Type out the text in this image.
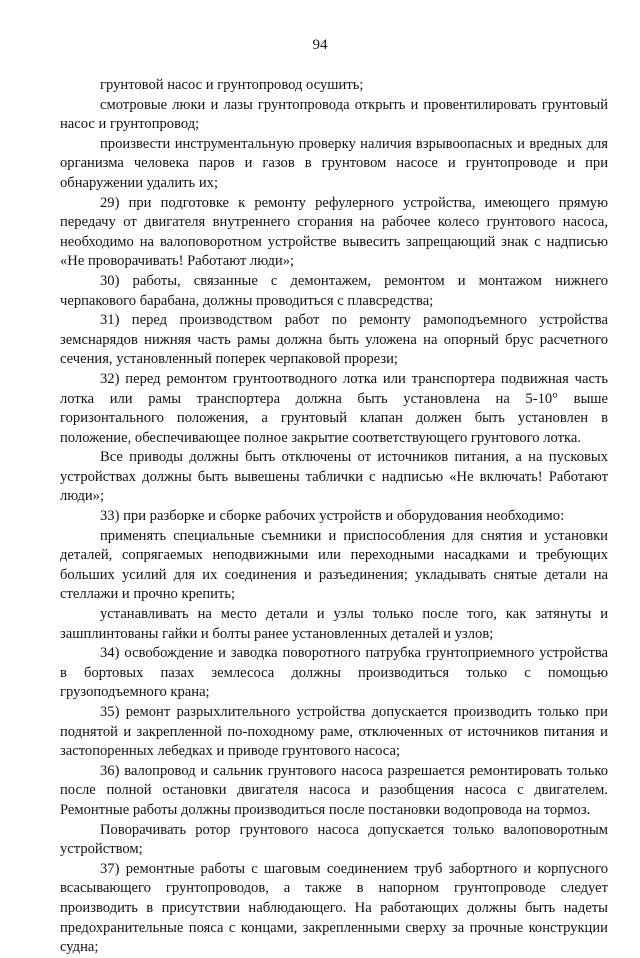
94

грунтовой насос и грунтопровод осушить;

смотровые люки и лазы грунтопровода открыть и провентилировать грунтовый насос и грунтопровод;

произвести инструментальную проверку наличия взрывоопасных и вредных для организма человека паров и газов в грунтовом насосе и грунтопроводе и при обнаружении удалить их;

29) при подготовке к ремонту рефулерного устройства, имеющего прямую передачу от двигателя внутреннего сгорания на рабочее колесо грунтового насоса, необходимо на валоповоротном устройстве вывесить запрещающий знак с надписью «Не проворачивать! Работают люди»;

30) работы, связанные с демонтажем, ремонтом и монтажом нижнего черпакового барабана, должны проводиться с плавсредства;

31) перед производством работ по ремонту рамоподъемного устройства земснарядов нижняя часть рамы должна быть уложена на опорный брус расчетного сечения, установленный поперек черпаковой прорези;

32) перед ремонтом грунтоотводного лотка или транспортера подвижная часть лотка или рамы транспортера должна быть установлена на 5-10° выше горизонтального положения, а грунтовый клапан должен быть установлен в положение, обеспечивающее полное закрытие соответствующего грунтового лотка.

Все приводы должны быть отключены от источников питания, а на пусковых устройствах должны быть вывешены таблички с надписью «Не включать! Работают люди»;

33) при разборке и сборке рабочих устройств и оборудования необходимо:

применять специальные съемники и приспособления для снятия и установки деталей, сопрягаемых неподвижными или переходными насадками и требующих больших усилий для их соединения и разъединения; укладывать снятые детали на стеллажи и прочно крепить;

устанавливать на место детали и узлы только после того, как затянуты и зашплинтованы гайки и болты ранее установленных деталей и узлов;

34) освобождение и заводка поворотного патрубка грунтоприемного устройства в бортовых пазах землесоса должны производиться только с помощью грузоподъемного крана;

35) ремонт разрыхлительного устройства допускается производить только при поднятой и закрепленной по-походному раме, отключенных от источников питания и застопоренных лебедках и приводе грунтового насоса;

36) валопровод и сальник грунтового насоса разрешается ремонтировать только после полной остановки двигателя насоса и разобщения насоса с двигателем. Ремонтные работы должны производиться после постановки водопровода на тормоз.

Поворачивать ротор грунтового насоса допускается только валоповоротным устройством;

37) ремонтные работы с шаговым соединением труб забортного и корпусного всасывающего грунтопроводов, а также в напорном грунтопроводе следует производить в присутствии наблюдающего. На работающих должны быть надеты предохранительные пояса с концами, закрепленными сверху за прочные конструкции судна;
